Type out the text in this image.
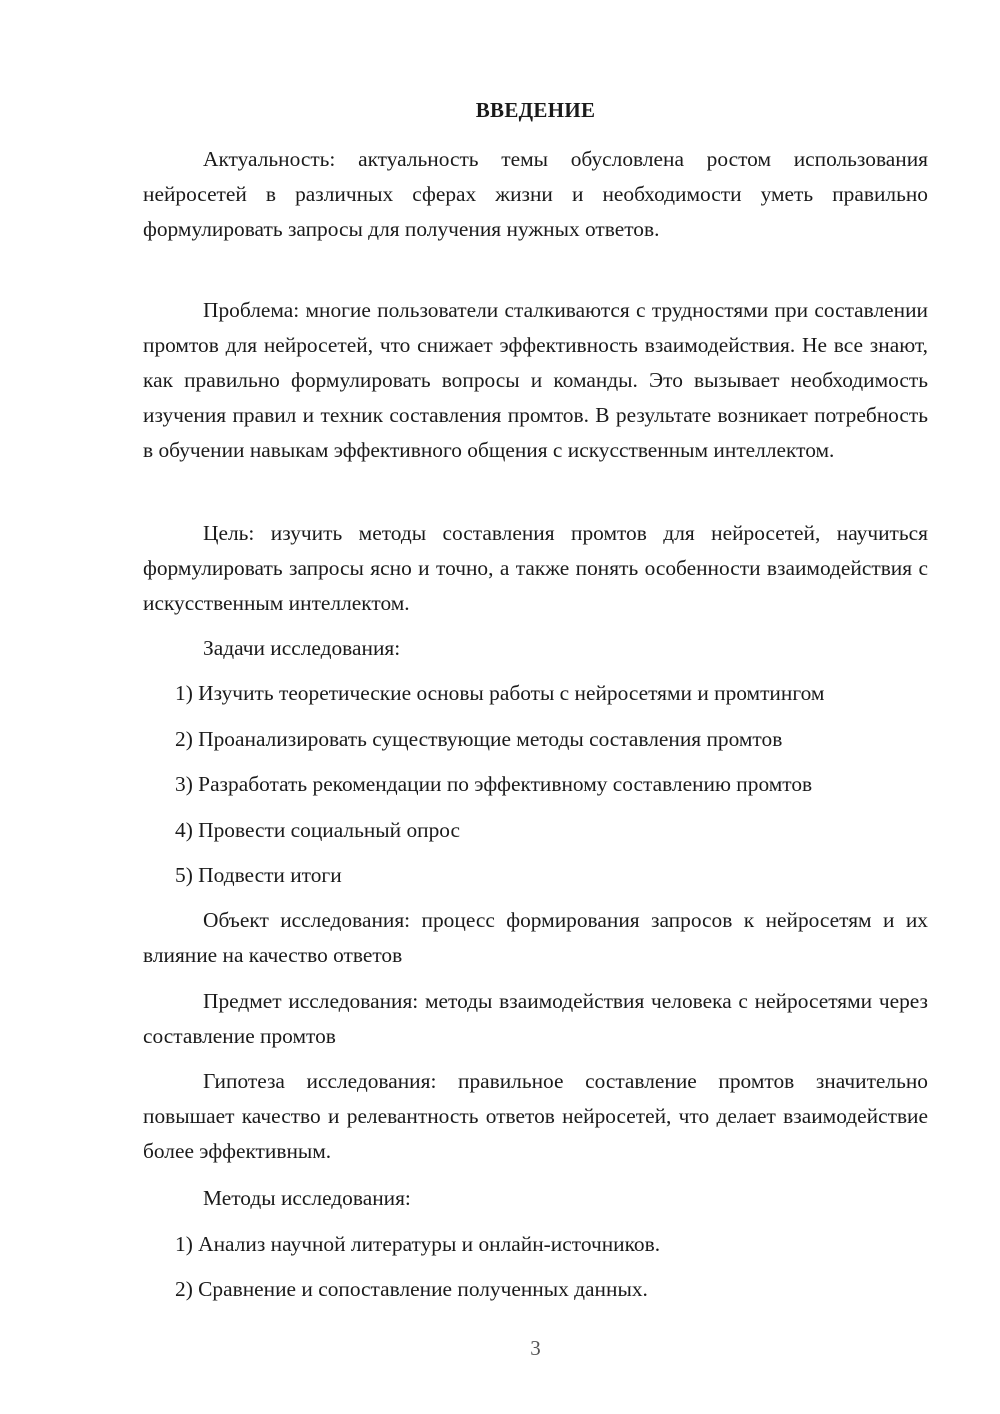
ВВЕДЕНИЕ

Актуальность: актуальность темы обусловлена ростом использования нейросетей в различных сферах жизни и необходимости уметь правильно формулировать запросы для получения нужных ответов.

Проблема: многие пользователи сталкиваются с трудностями при составлении промтов для нейросетей, что снижает эффективность взаимодействия. Не все знают, как правильно формулировать вопросы и команды. Это вызывает необходимость изучения правил и техник составления промтов. В результате возникает потребность в обучении навыкам эффективного общения с искусственным интеллектом.

Цель: изучить методы составления промтов для нейросетей, научиться формулировать запросы ясно и точно, а также понять особенности взаимодействия с искусственным интеллектом.

Задачи исследования:
1) Изучить теоретические основы работы с нейросетями и промтингом
2) Проанализировать существующие методы составления промтов
3) Разработать рекомендации по эффективному составлению промтов
4) Провести социальный опрос
5) Подвести итоги

Объект исследования: процесс формирования запросов к нейросетям и их влияние на качество ответов

Предмет исследования: методы взаимодействия человека с нейросетями через составление промтов

Гипотеза исследования: правильное составление промтов значительно повышает качество и релевантность ответов нейросетей, что делает взаимодействие более эффективным.

Методы исследования:
1) Анализ научной литературы и онлайн-источников.
2) Сравнение и сопоставление полученных данных.
3
